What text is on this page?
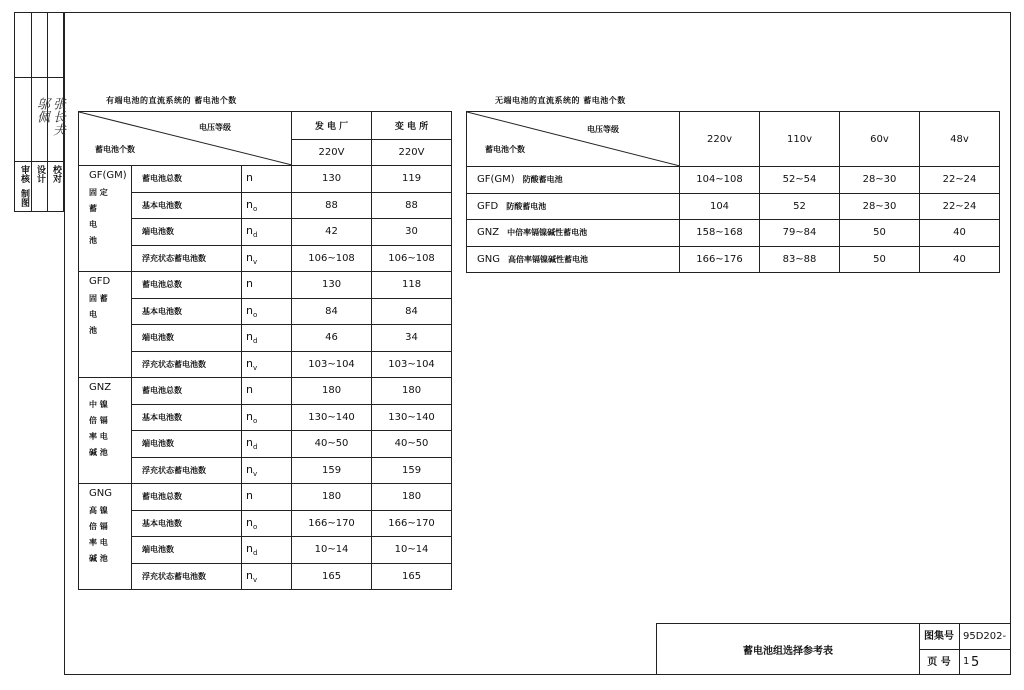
邬佩 张长夫
审核 设计 校对
制图
有端电池的直流系统的 蓄电池个数
电压等级
蓄电池个数			发 电 厂	变 电 所
			220V	220V

GF(GM)
固 定
蓄
电
池	蓄电池总数	n	130	119
	基本电池数	$n_o$	88	88
	端电池数	$n_d$	42	30
	浮充状态蓄电池数	$n_v$	106~108	106~108

GFD
固 蓄
电
池	蓄电池总数	n	130	118
	基本电池数	$n_o$	84	84
	端电池数	$n_d$	46	34
	浮充状态蓄电池数	$n_v$	103~104	103~104

GNZ
中 镍
倍 镉
率 电
碱 池	蓄电池总数	n	180	180
	基本电池数	$n_o$	130~140	130~140
	端电池数	$n_d$	40~50	40~50
	浮充状态蓄电池数	$n_v$	159	159

GNG
高 镍
倍 镉
率 电
碱 池	蓄电池总数	n	180	180
	基本电池数	$n_o$	166~170	166~170
	端电池数	$n_d$	10~14	10~14
	浮充状态蓄电池数	$n_v$	165	165
无端电池的直流系统的 蓄电池个数
电压等级
蓄电池个数	220v	110v	60v	48v
GF(GM) 防酸蓄电池	104~108	52~54	28~30	22~24
GFD 防酸蓄电池	104	52	28~30	22~24
GNZ 中倍率镉镍碱性蓄电池	158~168	79~84	50	40
GNG 高倍率镉镍碱性蓄电池	166~176	83~88	50	40
蓄电池组选择参考表
图集号
页 号
95D202-1 5
